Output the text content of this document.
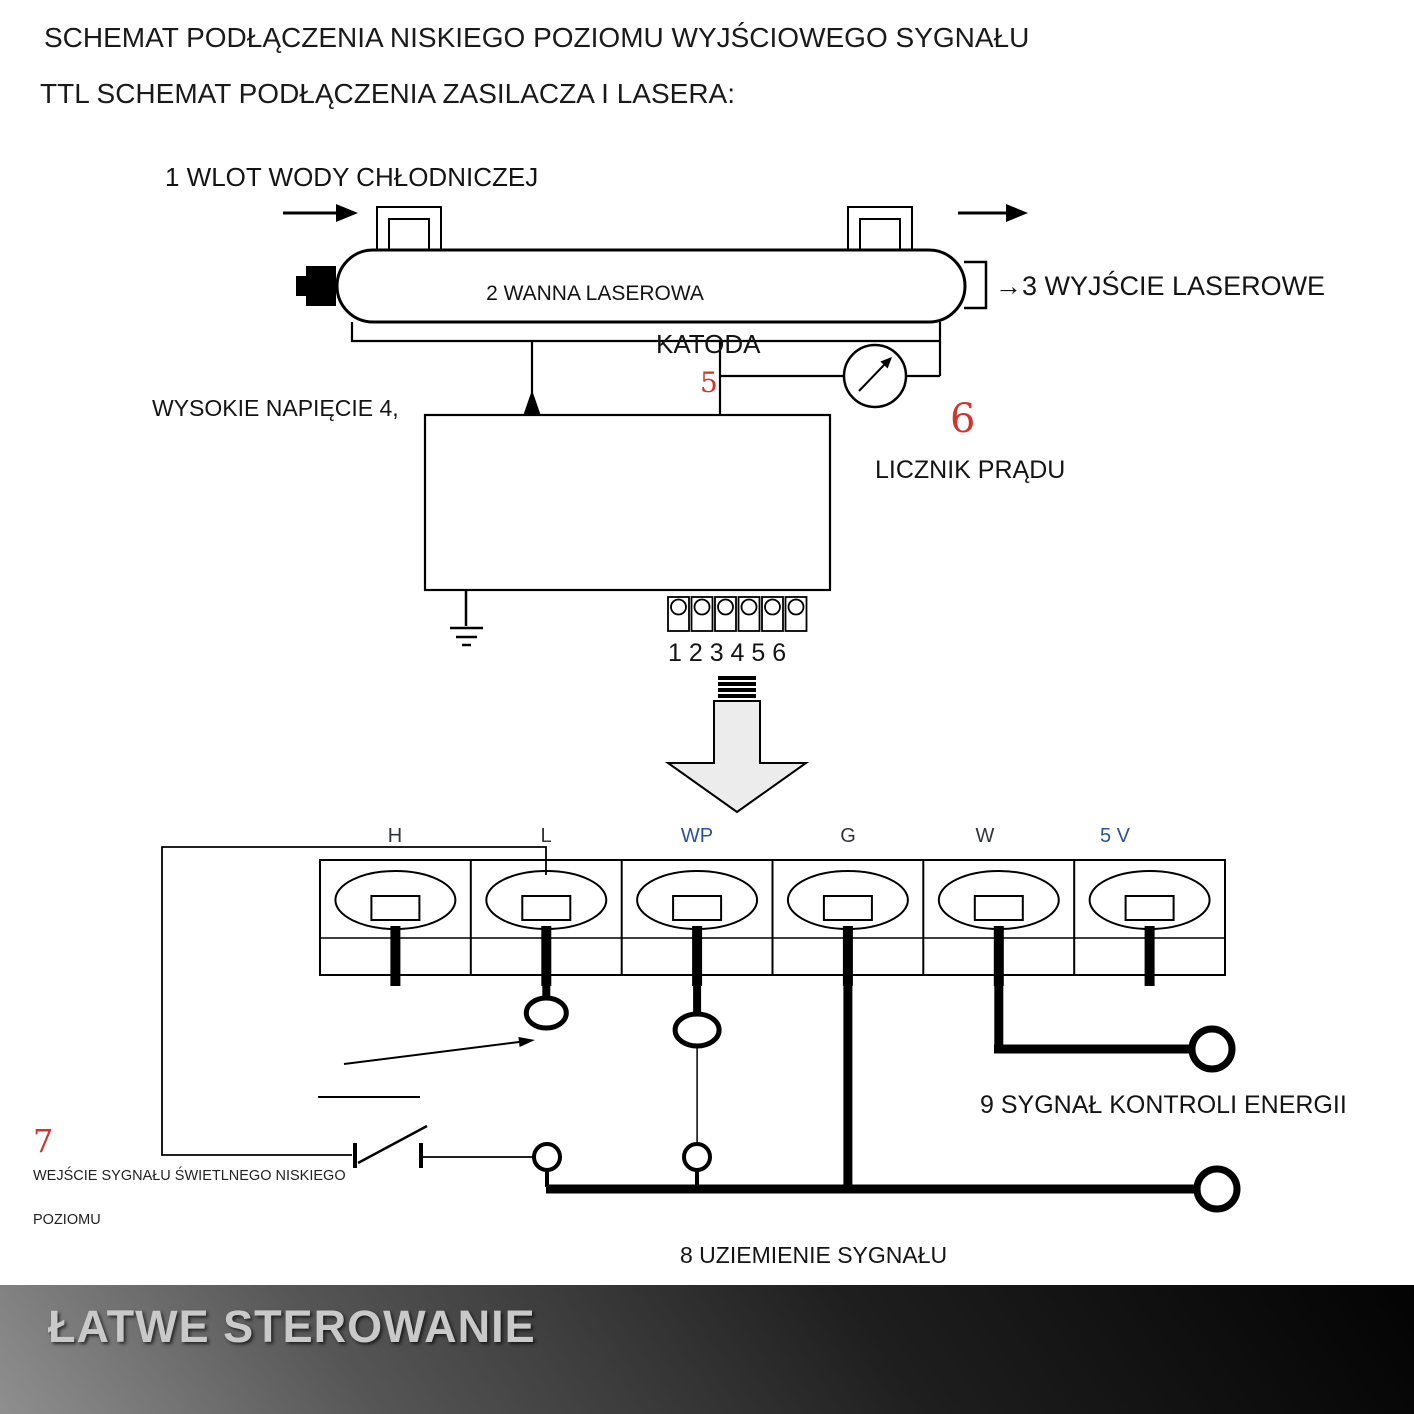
SCHEMAT PODŁĄCZENIA NISKIEGO POZIOMU WYJŚCIOWEGO SYGNAŁU
TTL SCHEMAT PODŁĄCZENIA ZASILACZA I LASERA:
1 WLOT WODY CHŁODNICZEJ
2 WANNA LASEROWA	→3 WYJŚCIE LASEROWE
KATODA
5
WYSOKIE NAPIĘCIE 4,	6
LICZNIK PRĄDU
1 2 3 4 5 6
H	L	WP	G	W	5 V
7
WEJŚCIE SYGNAŁU ŚWIETLNEGO NISKIEGO
POZIOMU
8 UZIEMIENIE SYGNAŁU
9 SYGNAŁ KONTROLI ENERGII
ŁATWE STEROWANIE
